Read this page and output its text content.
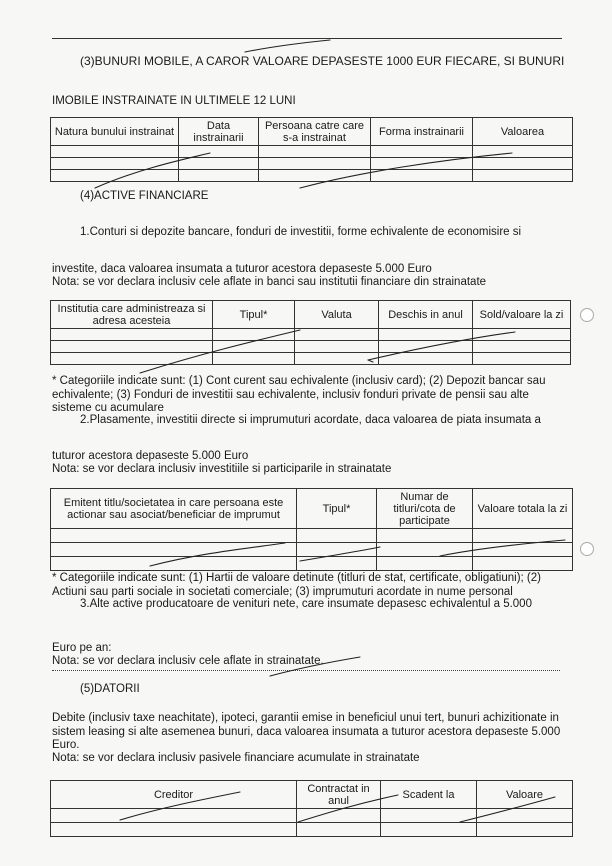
(3)BUNURI MOBILE, A CAROR VALOARE DEPASESTE 1000 EUR FIECARE, SI BUNURI
IMOBILE INSTRAINATE IN ULTIMELE 12 LUNI
Natura bunului instrainat	Data instrainarii	Persoana catre care s-a instrainat	Forma instrainarii	Valoarea

(4)ACTIVE FINANCIARE
1.Conturi si depozite bancare, fonduri de investitii, forme echivalente de economisire si
investite, daca valoarea insumata a tuturor acestora depaseste 5.000 Euro
Nota: se vor declara inclusiv cele aflate in banci sau institutii financiare din strainatate
Institutia care administreaza si adresa acesteia	Tipul*	Valuta	Deschis in anul	Sold/valoare la zi

* Categoriile indicate sunt: (1) Cont curent sau echivalente (inclusiv card); (2) Depozit bancar sau echivalente; (3) Fonduri de investitii sau echivalente, inclusiv fonduri private de pensii sau alte sisteme cu acumulare
2.Plasamente, investitii directe si imprumuturi acordate, daca valoarea de piata insumata a
tuturor acestora depaseste 5.000 Euro
Nota: se vor declara inclusiv investitiile si participarile in strainatate
Emitent titlu/societatea in care persoana este actionar sau asociat/beneficiar de imprumut	Tipul*	Numar de titluri/cota de participate	Valoare totala la zi

* Categoriile indicate sunt: (1) Hartii de valoare detinute (titluri de stat, certificate, obligatiuni); (2) Actiuni sau parti sociale in societati comerciale; (3) imprumuturi acordate in nume personal
3.Alte active producatoare de venituri nete, care insumate depasesc echivalentul a 5.000
Euro pe an:
Nota: se vor declara inclusiv cele aflate in strainatate.
(5)DATORII
Debite (inclusiv taxe neachitate), ipoteci, garantii emise in beneficiul unui tert, bunuri achizitionate in sistem leasing si alte asemenea bunuri, daca valoarea insumata a tuturor acestora depaseste 5.000 Euro.
Nota: se vor declara inclusiv pasivele financiare acumulate in strainatate
Creditor	Contractat in anul	Scadent la	Valoare
